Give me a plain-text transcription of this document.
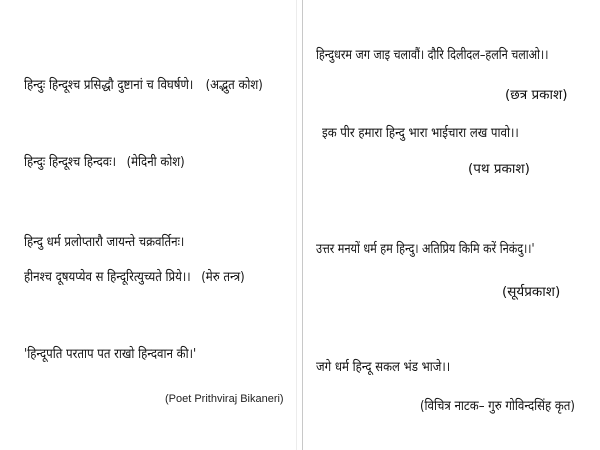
हिन्दुः हिन्दूश्च प्रसिद्धौ दुष्टानां च विघर्षणे। (अद्भुत कोश)
हिन्दुः हिन्दूश्च हिन्दवः। (मेदिनी कोश)
हिन्दु धर्म प्रलोप्तारौ जायन्ते चक्रवर्तिनः।
हीनश्च दूषयप्येव स हिन्दूरित्युच्यते प्रिये।। (मेरु तन्त्र)
'हिन्दूपति परताप पत राखो हिन्दवान की।'
(Poet Prithviraj Bikaneri)
हिन्दुधरम जग जाइ चलावौं। दौरि दिलीदल–हलनि चलाओ।।
(छत्र प्रकाश)
इक पीर हमारा हिन्दु भारा भाईचारा लख पावो।।
(पथ प्रकाश)
उत्तर मनयों धर्म हम हिन्दु। अतिप्रिय किमि करें निकंदु।।'
(सूर्यप्रकाश)
जगे धर्म हिन्दू सकल भंड भाजे।।
(विचित्र नाटक– गुरु गोविन्दसिंह कृत)
